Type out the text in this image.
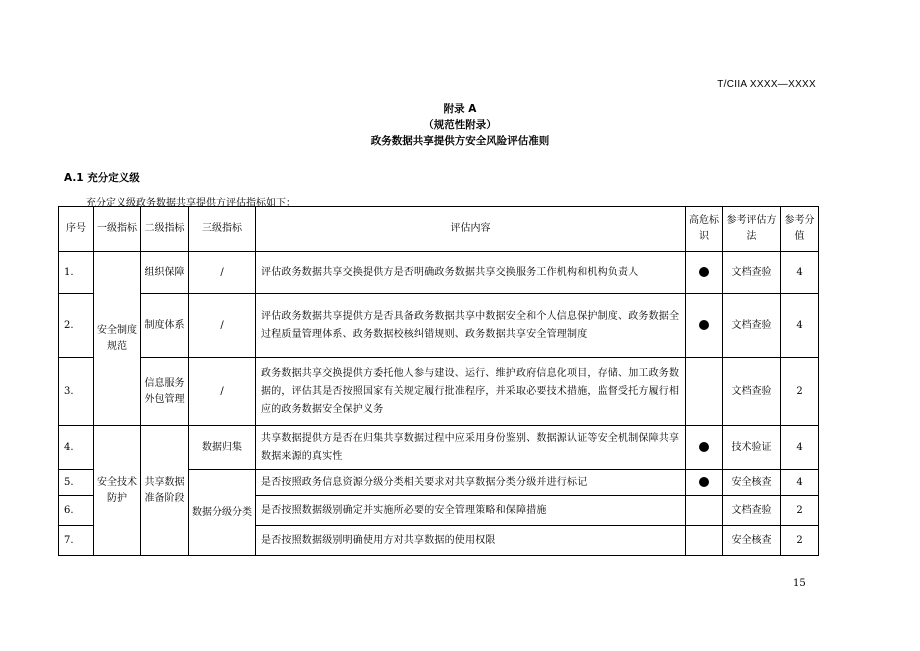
T/CIIA XXXX—XXXX
附录 A
（规范性附录）
政务数据共享提供方安全风险评估准则
A.1 充分定义级
充分定义级政务数据共享提供方评估指标如下：
序号	一级指标	二级指标	三级指标	评估内容	高危标识	参考评估方法	参考分值
1.	安全制度规范	组织保障	/	评估政务数据共享交换提供方是否明确政务数据共享交换服务工作机构和机构负责人		文档查验	4
2.		制度体系	/	评估政务数据共享提供方是否具备政务数据共享中数据安全和个人信息保护制度、政务数据全过程质量管理体系、政务数据校核纠错规则、政务数据共享安全管理制度		文档查验	4
3.		信息服务外包管理	/	政务数据共享交换提供方委托他人参与建设、运行、维护政府信息化项目，存储、加工政务数据的，评估其是否按照国家有关规定履行批准程序，并采取必要技术措施，监督受托方履行相应的政务数据安全保护义务		文档查验	2
4.	安全技术防护	共享数据准备阶段	数据归集	共享数据提供方是否在归集共享数据过程中应采用身份鉴别、数据源认证等安全机制保障共享数据来源的真实性		技术验证	4
5.			数据分级分类	是否按照政务信息资源分级分类相关要求对共享数据分类分级并进行标记		安全核查	4
6.				是否按照数据级别确定并实施所必要的安全管理策略和保障措施		文档查验	2
7.				是否按照数据级别明确使用方对共享数据的使用权限		安全核查	2
15
